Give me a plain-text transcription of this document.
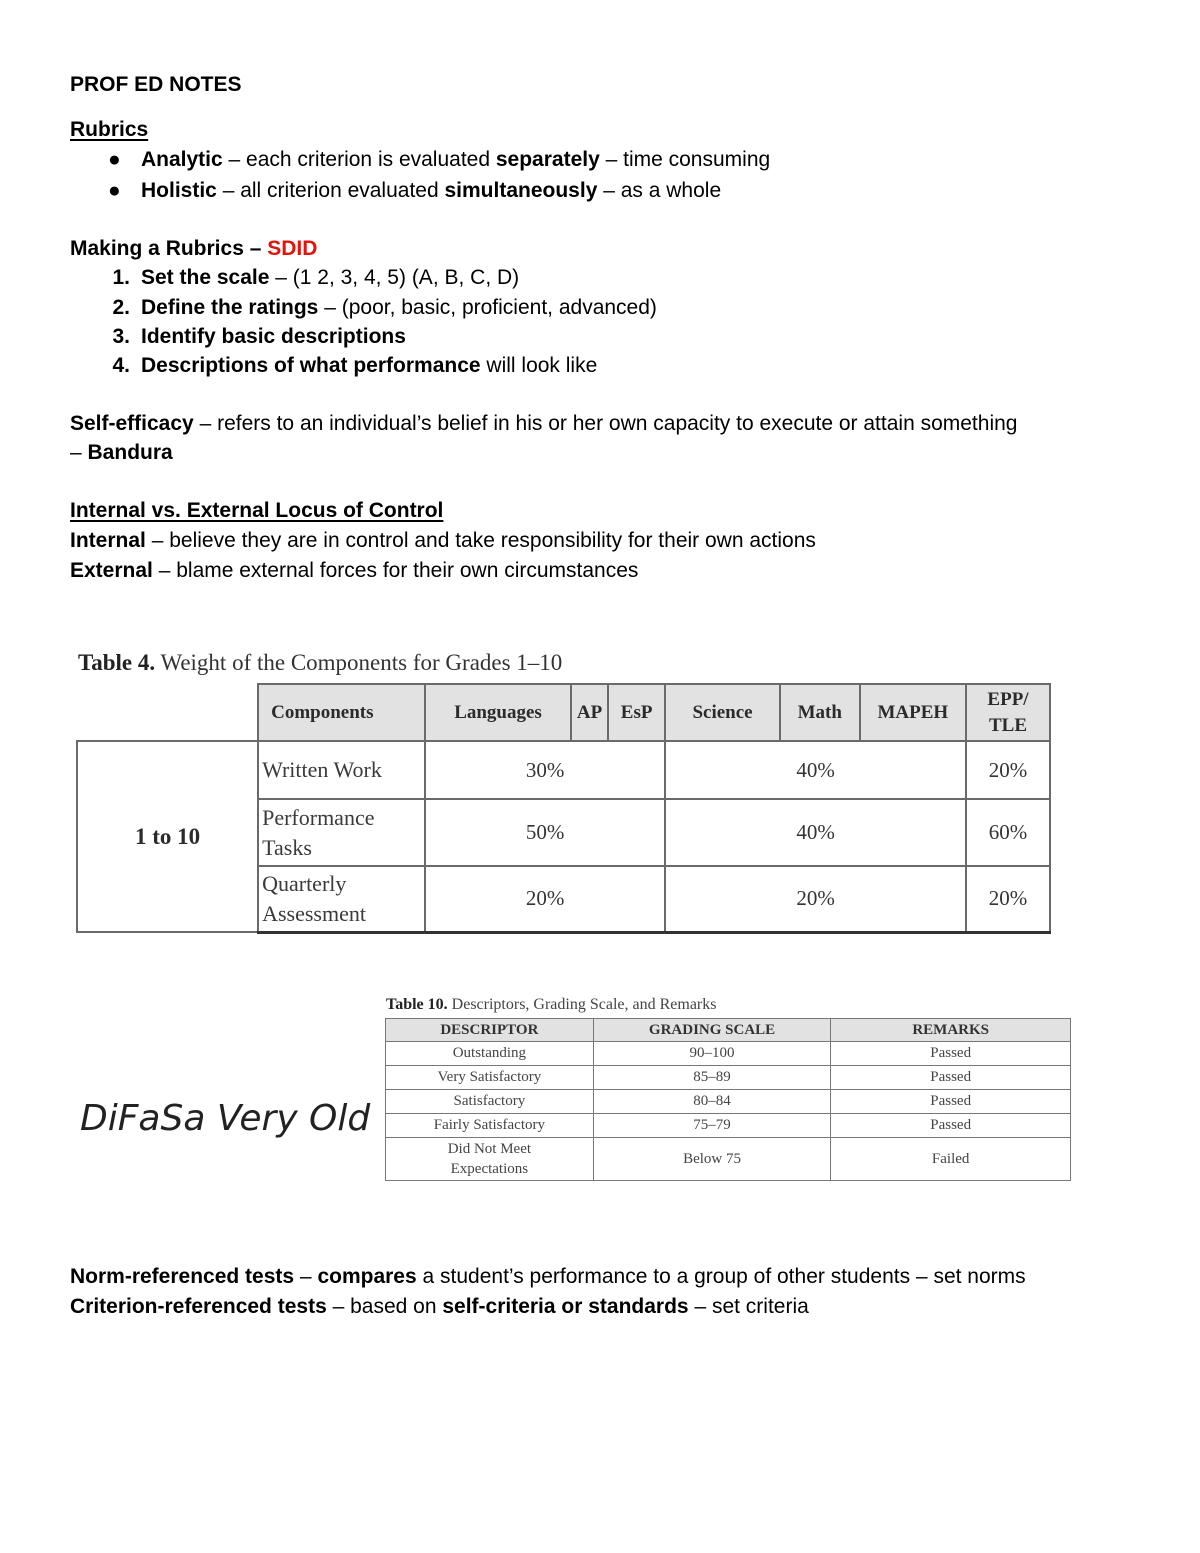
PROF ED NOTES
Rubrics
● Analytic – each criterion is evaluated separately – time consuming
● Holistic – all criterion evaluated simultaneously – as a whole
Making a Rubrics – SDID
1. Set the scale – (1 2, 3, 4, 5) (A, B, C, D)
2. Define the ratings – (poor, basic, proficient, advanced)
3. Identify basic descriptions
4. Descriptions of what performance will look like
Self-efficacy – refers to an individual’s belief in his or her own capacity to execute or attain something
– Bandura
Internal vs. External Locus of Control
Internal – believe they are in control and take responsibility for their own actions
External – blame external forces for their own circumstances
Table 4. Weight of the Components for Grades 1–10
	Components	Languages	AP	EsP	Science	Math	MAPEH	EPP/
TLE
1 to 10	Written Work	30%			40%			20%
	Performance
Tasks	50%			40%			60%
	Quarterly
Assessment	20%			20%			20%
Table 10. Descriptors, Grading Scale, and Remarks
DESCRIPTOR	GRADING SCALE	REMARKS
Outstanding	90–100	Passed
Very Satisfactory	85–89	Passed
Satisfactory	80–84	Passed
Fairly Satisfactory	75–79	Passed
Did Not Meet
Expectations	Below 75	Failed
DiFaSa Very Old
Norm-referenced tests – compares a student’s performance to a group of other students – set norms
Criterion-referenced tests – based on self-criteria or standards – set criteria
